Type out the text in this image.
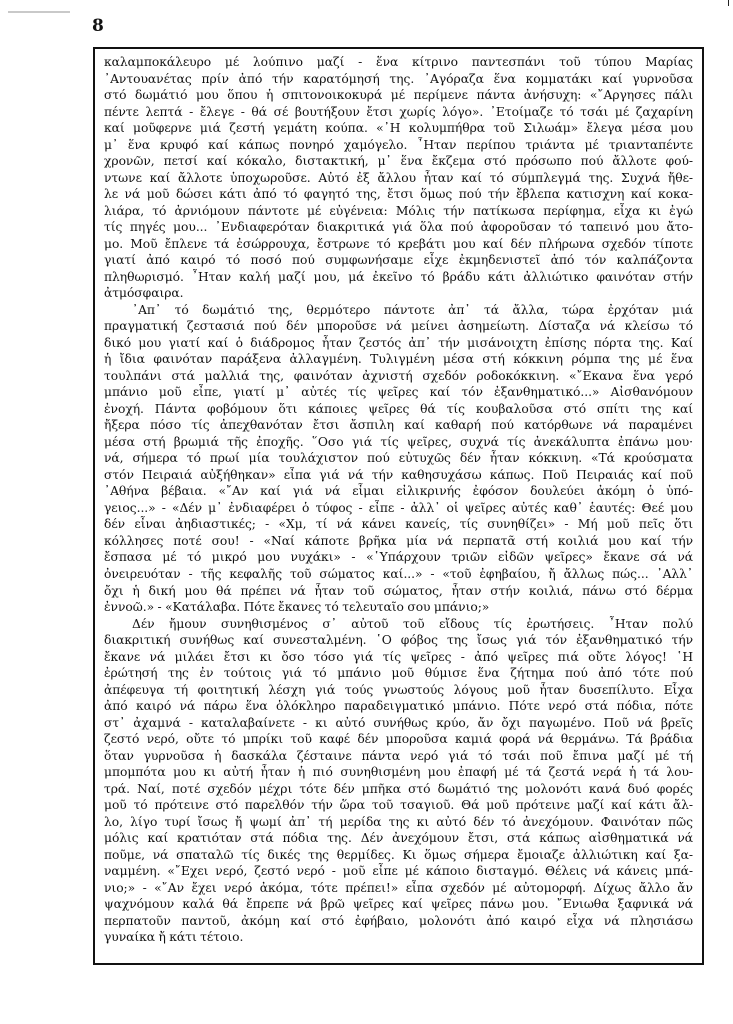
8

καλαμποκάλευρο μέ λούπινο μαζί - ἕνα κίτρινο παντεσπάνι τοῦ τύπου Μαρίας
᾿Αντουανέτας πρίν ἀπό τήν καρατόμησή της. ᾿Αγόραζα ἕνα κομματάκι καί γυρνοῦσα
στό δωμάτιό μου ὅπου ἡ σπιτονοικοκυρά μέ περίμενε πάντα ἀνήσυχη: «῎Αργησες πάλι
πέντε λεπτά - ἔλεγε - θά σέ βουτήξουν ἔτσι χωρίς λόγο». ᾿Ετοίμαζε τό τσάι μέ ζαχαρίνη
καί μοῦφερνε μιά ζεστή γεμάτη κούπα. «᾿Η κολυμπήθρα τοῦ Σιλωάμ» ἔλεγα μέσα μου
μ᾿ ἕνα κρυφό καί κάπως πονηρό χαμόγελο. ῏Ηταν περίπου τριάντα μέ τριανταπέντε
χρονῶν, πετσί καί κόκαλο, διστακτική, μ᾿ ἕνα ἔκζεμα στό πρόσωπο πού ἄλλοτε φού-
ντωνε καί ἄλλοτε ὑποχωροῦσε. Αὐτό ἐξ ἄλλου ἦταν καί τό σύμπλεγμά της. Συχνά ἤθε-
λε νά μοῦ δώσει κάτι ἀπό τό φαγητό της, ἔτσι ὅμως πού τήν ἔβλεπα κατισχνη καί κοκα-
λιάρα, τό ἀρνιόμουν πάντοτε μέ εὐγένεια: Μόλις τήν πατίκωσα περίφημα, εἶχα κι ἐγώ
τίς πηγές μου... ᾿Ενδιαφερόταν διακριτικά γιά ὅλα πού ἀφοροῦσαν τό ταπεινό μου ἄτο-
μο. Μοῦ ἔπλενε τά ἐσώρρουχα, ἔστρωνε τό κρεβάτι μου καί δέν πλήρωνα σχεδόν τίποτε
γιατί ἀπό καιρό τό ποσό πού συμφωνήσαμε εἶχε ἐκμηδενιστεῖ ἀπό τόν καλπάζοντα
πληθωρισμό. ῏Ηταν καλή μαζί μου, μά ἐκεῖνο τό βράδυ κάτι ἀλλιώτικο φαινόταν στήν
ἀτμόσφαιρα.

᾿Απ᾿ τό δωμάτιό της, θερμότερο πάντοτε ἀπ᾿ τά ἄλλα, τώρα ἐρχόταν μιά
πραγματική ζεστασιά πού δέν μποροῦσε νά μείνει ἀσημείωτη. Δίσταζα νά κλείσω τό
δικό μου γιατί καί ὁ διάδρομος ἦταν ζεστός ἀπ᾿ τήν μισάνοιχτη ἐπίσης πόρτα της. Καί
ἡ ἴδια φαινόταν παράξενα ἀλλαγμένη. Τυλιγμένη μέσα στή κόκκινη ρόμπα της μέ ἕνα
τουλπάνι στά μαλλιά της, φαινόταν ἀχνιστή σχεδόν ροδοκόκκινη. «῎Εκανα ἕνα γερό
μπάνιο μοῦ εἶπε, γιατί μ᾿ αὐτές τίς ψεῖρες καί τόν ἐξανθηματικό...» Αἰσθανόμουν
ἐνοχή. Πάντα φοβόμουν ὅτι κάποιες ψεῖρες θά τίς κουβαλοῦσα στό σπίτι της καί
ἤξερα πόσο τίς ἀπεχθανόταν ἔτσι ἄσπιλη καί καθαρή πού κατόρθωνε νά παραμένει
μέσα στή βρωμιά τῆς ἐποχῆς. ῞Οσο γιά τίς ψεῖρες, συχνά τίς ἀνεκάλυπτα ἐπάνω μου·
νά, σήμερα τό πρωί μία τουλάχιστον πού εὐτυχῶς δέν ἦταν κόκκινη. «Τά κρούσματα
στόν Πειραιά αὐξήθηκαν» εἶπα γιά νά τήν καθησυχάσω κάπως. Ποῦ Πειραιάς καί ποῦ
᾿Αθήνα βέβαια. «῎Αν καί γιά νά εἶμαι εἰλικρινής ἐφόσον δουλεύει ἀκόμη ὁ ὑπό-
γειος...» - «Δέν μ᾿ ἐνδιαφέρει ὁ τύφος - εἶπε - ἀλλ᾿ οἱ ψεῖρες αὐτές καθ᾿ ἑαυτές: Θεέ μου
δέν εἶναι ἀηδιαστικές; - «Χμ, τί νά κάνει κανείς, τίς συνηθίζει» - Μή μοῦ πεῖς ὅτι
κόλλησες ποτέ σου! - «Ναί κάποτε βρῆκα μία νά περπατᾶ στή κοιλιά μου καί τήν
ἔσπασα μέ τό μικρό μου νυχάκι» - «῾Υπάρχουν τριῶν εἰδῶν ψεῖρες» ἔκανε σά νά
ὀνειρευόταν - τῆς κεφαλῆς τοῦ σώματος καί...» - «τοῦ ἐφηβαίου, ἤ ἄλλως πώς... ᾿Αλλ᾿
ὄχι ἡ δική μου θά πρέπει νά ἦταν τοῦ σώματος, ἦταν στήν κοιλιά, πάνω στό δέρμα
ἐννοῶ.» - «Κατάλαβα. Πότε ἔκανες τό τελευταῖο σου μπάνιο;»

Δέν ἤμουν συνηθισμένος σ᾿ αὐτοῦ τοῦ εἴδους τίς ἐρωτήσεις. ῏Ηταν πολύ
διακριτική συνήθως καί συνεσταλμένη. ῾Ο φόβος της ἴσως γιά τόν ἐξανθηματικό τήν
ἔκανε νά μιλάει ἔτσι κι ὄσο τόσο γιά τίς ψεῖρες - ἀπό ψεῖρες πιά οὔτε λόγος! ῾Η
ἐρώτησή της ἐν τούτοις γιά τό μπάνιο μοῦ θύμισε ἕνα ζήτημα πού ἀπό τότε πού
ἀπέφευγα τή φοιτητική λέσχη γιά τούς γνωστούς λόγους μοῦ ἦταν δυσεπίλυτο. Εἶχα
ἀπό καιρό νά πάρω ἕνα ὁλόκληρο παραδειγματικό μπάνιο. Πότε νερό στά πόδια, πότε
στ᾿ ἀχαμνά - καταλαβαίνετε - κι αὐτό συνήθως κρύο, ἄν ὄχι παγωμένο. Ποῦ νά βρεῖς
ζεστό νερό, οὔτε τό μπρίκι τοῦ καφέ δέν μποροῦσα καμιά φορά νά θερμάνω. Τά βράδια
ὅταν γυρνοῦσα ἡ δασκάλα ζέσταινε πάντα νερό γιά τό τσάι ποῦ ἔπινα μαζί μέ τή
μπομπότα μου κι αὐτή ἦταν ἡ πιό συνηθισμένη μου ἐπαφή μέ τά ζεστά νερά ἡ τά λου-
τρά. Ναί, ποτέ σχεδόν μέχρι τότε δέν μπῆκα στό δωμάτιό της μολονότι κανά δυό φορές
μοῦ τό πρότεινε στό παρελθόν τήν ὥρα τοῦ τσαγιοῦ. Θά μοῦ πρότεινε μαζί καί κάτι ἄλ-
λο, λίγο τυρί ἴσως ἤ ψωμί ἀπ᾿ τή μερίδα της κι αὐτό δέν τό ἀνεχόμουν. Φαινόταν πῶς
μόλις καί κρατιόταν στά πόδια της. Δέν ἀνεχόμουν ἔτσι, στά κάπως αἰσθηματικά νά
ποῦμε, νά σπαταλῶ τίς δικές της θερμίδες. Κι ὅμως σήμερα ἔμοιαζε ἀλλιώτικη καί ξα-
ναμμένη. «῎Εχει νερό, ζεστό νερό - μοῦ εἶπε μέ κάποιο δισταγμό. Θέλεις νά κάνεις μπά-
νιο;» - «῎Αν ἔχει νερό ἀκόμα, τότε πρέπει!» εἶπα σχεδόν μέ αὐτομορφή. Δίχως ἄλλο ἄν
ψαχνόμουν καλά θά ἔπρεπε νά βρῶ ψεῖρες καί ψεῖρες πάνω μου. ῎Ενιωθα ξαφνικά νά
περπατοῦν παντοῦ, ἀκόμη καί στό ἐφήβαιο, μολονότι ἀπό καιρό εἶχα νά πλησιάσω
γυναίκα ἤ κάτι τέτοιο.
